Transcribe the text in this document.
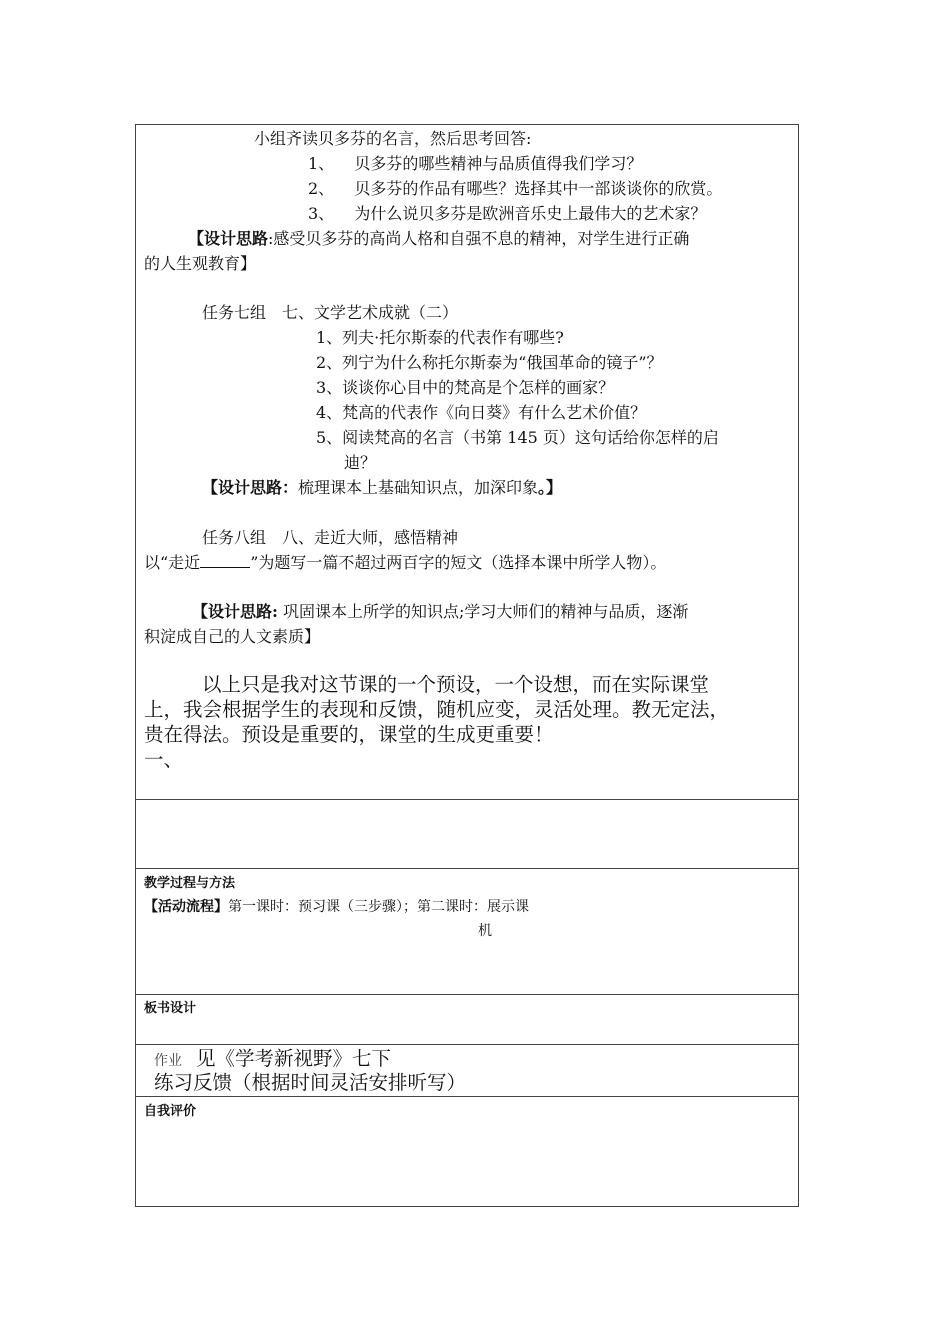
小组齐读贝多芬的名言，然后思考回答:
1、 贝多芬的哪些精神与品质值得我们学习？
2、 贝多芬的作品有哪些？选择其中一部谈谈你的欣赏。
3、 为什么说贝多芬是欧洲音乐史上最伟大的艺术家？
【设计思路:感受贝多芬的高尚人格和自强不息的精神，对学生进行正确
的人生观教育】
任务七组　七、文学艺术成就（二）
1、列夫·托尔斯泰的代表作有哪些?
2、列宁为什么称托尔斯泰为“俄国革命的镜子”？
3、谈谈你心目中的梵高是个怎样的画家？
4、梵高的代表作《向日葵》有什么艺术价值？
5、阅读梵高的名言（书第 145 页）这句话给你怎样的启
迪？
【设计思路：梳理课本上基础知识点，加深印象。】
任务八组　八、走近大师，感悟精神
以“走近	”为题写一篇不超过两百字的短文（选择本课中所学人物）。
【设计思路: 巩固课本上所学的知识点;学习大师们的精神与品质，逐渐
积淀成自己的人文素质】
以上只是我对这节课的一个预设，一个设想，而在实际课堂
上，我会根据学生的表现和反馈，随机应变，灵活处理。教无定法，
贵在得法。预设是重要的，课堂的生成更重要！
一、
教学过程与方法
【活动流程】第一课时：预习课（三步骤）；第二课时：展示课
机
板书设计
作业 见《学考新视野》七下
练习反馈（根据时间灵活安排听写）
自我评价
